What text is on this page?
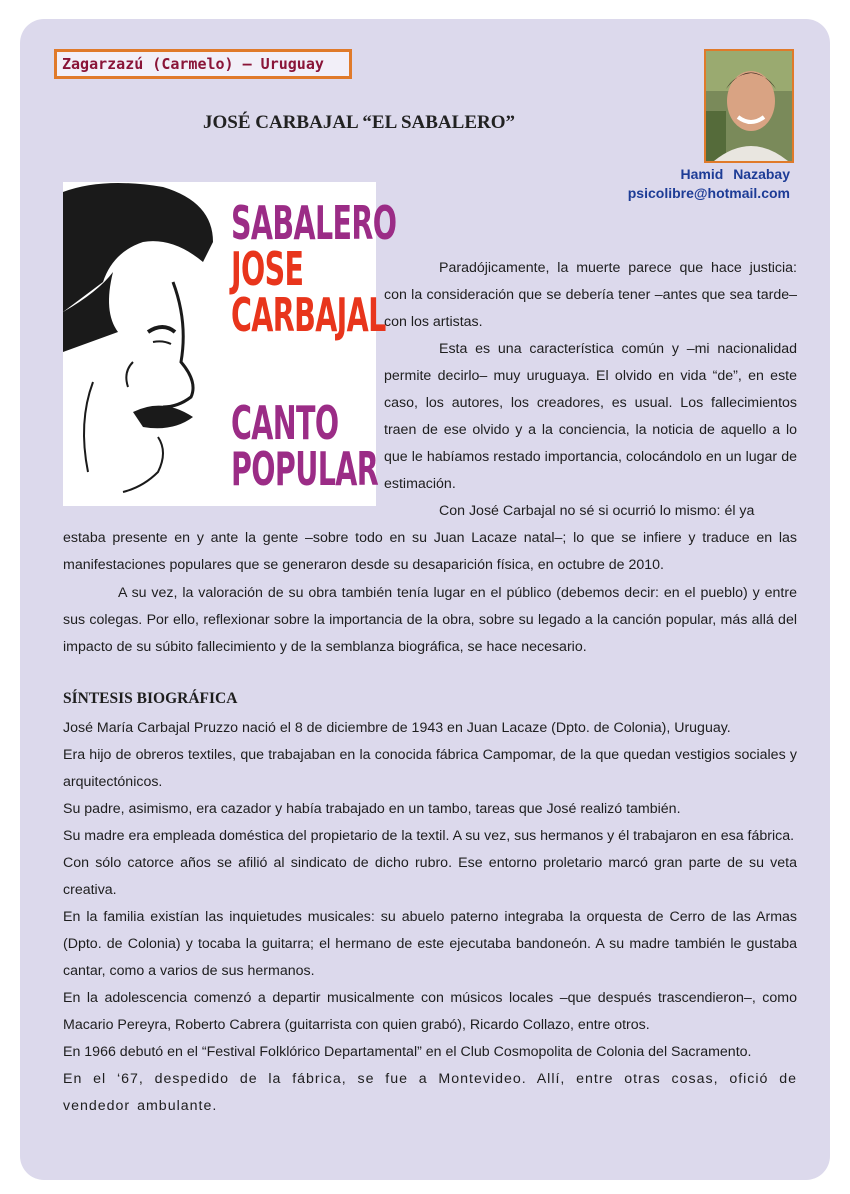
Zagarzazú (Carmelo) – Uruguay
JOSÉ CARBAJAL “EL SABALERO”
Hamid Nazabay
psicolibre@hotmail.com
SABALERO
JOSE
CARBAJAL
CANTO
POPULAR

Paradójicamente, la muerte parece que hace justicia: con la consideración que se debería tener –antes que sea tarde– con los artistas.

Esta es una característica común y –mi nacionalidad permite decirlo– muy uruguaya. El olvido en vida “de”, en este caso, los autores, los creadores, es usual. Los fallecimientos traen de ese olvido y a la conciencia, la noticia de aquello a lo que le habíamos restado importancia, colocándolo en un lugar de estimación.

Con José Carbajal no sé si ocurrió lo mismo: él ya
estaba presente en y ante la gente –sobre todo en su Juan Lacaze natal–; lo que se infiere y traduce en las manifestaciones populares que se generaron desde su desaparición física, en octubre de 2010.

A su vez, la valoración de su obra también tenía lugar en el público (debemos decir: en el pueblo) y entre sus colegas. Por ello, reflexionar sobre la importancia de la obra, sobre su legado a la canción popular, más allá del impacto de su súbito fallecimiento y de la semblanza biográfica, se hace necesario.

SÍNTESIS BIOGRÁFICA

José María Carbajal Pruzzo nació el 8 de diciembre de 1943 en Juan Lacaze (Dpto. de Colonia), Uruguay.

Era hijo de obreros textiles, que trabajaban en la conocida fábrica Campomar, de la que quedan vestigios sociales y arquitectónicos.

Su padre, asimismo, era cazador y había trabajado en un tambo, tareas que José realizó también.

Su madre era empleada doméstica del propietario de la textil. A su vez, sus hermanos y él trabajaron en esa fábrica.

Con sólo catorce años se afilió al sindicato de dicho rubro. Ese entorno proletario marcó gran parte de su veta creativa.

En la familia existían las inquietudes musicales: su abuelo paterno integraba la orquesta de Cerro de las Armas (Dpto. de Colonia) y tocaba la guitarra; el hermano de este ejecutaba bandoneón. A su madre también le gustaba cantar, como a varios de sus hermanos.

En la adolescencia comenzó a departir musicalmente con músicos locales –que después trascendieron–, como Macario Pereyra, Roberto Cabrera (guitarrista con quien grabó), Ricardo Collazo, entre otros.

En 1966 debutó en el “Festival Folklórico Departamental” en el Club Cosmopolita de Colonia del Sacramento.

En el ‘67, despedido de la fábrica, se fue a Montevideo. Allí, entre otras cosas, ofició de vendedor ambulante.
